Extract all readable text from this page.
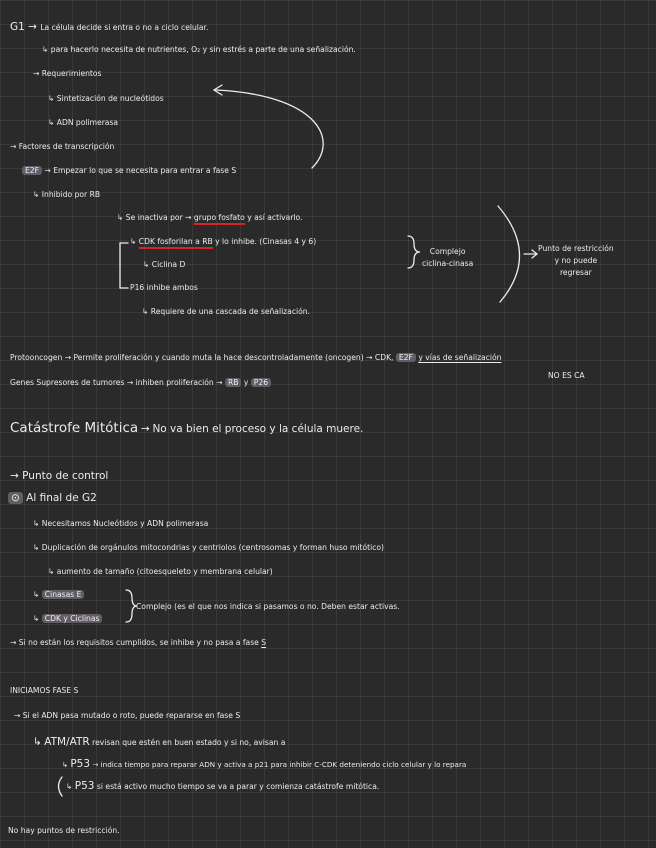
G1 → La célula decide si entra o no a ciclo celular.
↳ para hacerlo necesita de nutrientes, O₂ y sin estrés a parte de una señalización.
→ Requerimientos
↳ Sintetización de nucleótidos
↳ ADN polimerasa
→ Factores de transcripción
E2F → Empezar lo que se necesita para entrar a fase S
↳ Inhibido por RB
↳ Se inactiva por → grupo fosfato y así activarlo.
↳ CDK fosforilan a RB y lo inhibe. (Cinasas 4 y 6)
↳ Ciclina D
P16 inhibe ambos
↳ Requiere de una cascada de señalización.
Complejo
ciclina-cinasa
Punto de restricción
y no puede
regresar
Protooncogen → Permite proliferación y cuando muta la hace descontroladamente (oncogen) → CDK, E2F y vías de señalización
NO ES CA
Genes Supresores de tumores → inhiben proliferación → RB y P26
Catástrofe Mitótica → No va bien el proceso y la célula muere.
→ Punto de control
⊙ Al final de G2
↳ Necesitamos Nucleótidos y ADN polimerasa
↳ Duplicación de orgánulos mitocondrias y centriolos (centrosomas y forman huso mitótico)
↳ aumento de tamaño (citoesqueleto y membrana celular)
↳ Cinasas E
↳ CDK y Ciclinas
Complejo (es el que nos indica si pasamos o no. Deben estar activas.
→ Si no están los requisitos cumplidos, se inhibe y no pasa a fase S
INICIAMOS FASE S
→ Si el ADN pasa mutado o roto, puede repararse en fase S
↳ ATM/ATR revisan que estén en buen estado y si no, avisan a
↳ P53 → indica tiempo para reparar ADN y activa a p21 para inhibir C-CDK deteniendo ciclo celular y lo repara
↳ P53 si está activo mucho tiempo se va a parar y comienza catástrofe mitótica.
No hay puntos de restricción.
